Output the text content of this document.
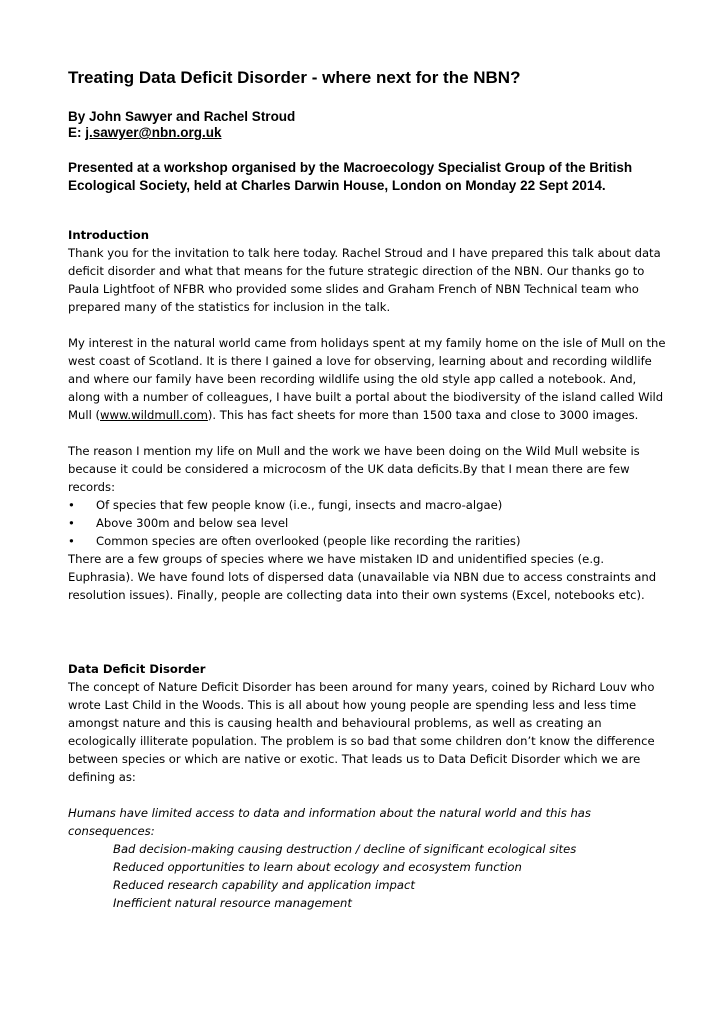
Treating Data Deficit Disorder - where next for the NBN?
By John Sawyer and Rachel Stroud
E: j.sawyer@nbn.org.uk
Presented at a workshop organised by the Macroecology Specialist Group of the British Ecological Society, held at Charles Darwin House, London on Monday 22 Sept 2014.
Introduction
Thank you for the invitation to talk here today. Rachel Stroud and I have prepared this talk about data deficit disorder and what that means for the future strategic direction of the NBN. Our thanks go to Paula Lightfoot of NFBR who provided some slides and Graham French of NBN Technical team who prepared many of the statistics for inclusion in the talk.
My interest in the natural world came from holidays spent at my family home on the isle of Mull on the west coast of Scotland. It is there I gained a love for observing, learning about and recording wildlife and where our family have been recording wildlife using the old style app called a notebook. And, along with a number of colleagues, I have built a portal about the biodiversity of the island called Wild Mull (www.wildmull.com). This has fact sheets for more than 1500 taxa and close to 3000 images.
The reason I mention my life on Mull and the work we have been doing on the Wild Mull website is because it could be considered a microcosm of the UK data deficits.By that I mean there are few records:
•	Of species that few people know (i.e., fungi, insects and macro-algae)
•	Above 300m and below sea level
•	Common species are often overlooked (people like recording the rarities)
There are a few groups of species where we have mistaken ID and unidentified species (e.g. Euphrasia). We have found lots of dispersed data (unavailable via NBN due to access constraints and resolution issues). Finally, people are collecting data into their own systems (Excel, notebooks etc).
Data Deficit Disorder
The concept of Nature Deficit Disorder has been around for many years, coined by Richard Louv who wrote Last Child in the Woods. This is all about how young people are spending less and less time amongst nature and this is causing health and behavioural problems, as well as creating an ecologically illiterate population. The problem is so bad that some children don’t know the difference between species or which are native or exotic. That leads us to Data Deficit Disorder which we are defining as:
Humans have limited access to data and information about the natural world and this has consequences:
Bad decision-making causing destruction / decline of significant ecological sites
Reduced opportunities to learn about ecology and ecosystem function
Reduced research capability and application impact
Inefficient natural resource management
